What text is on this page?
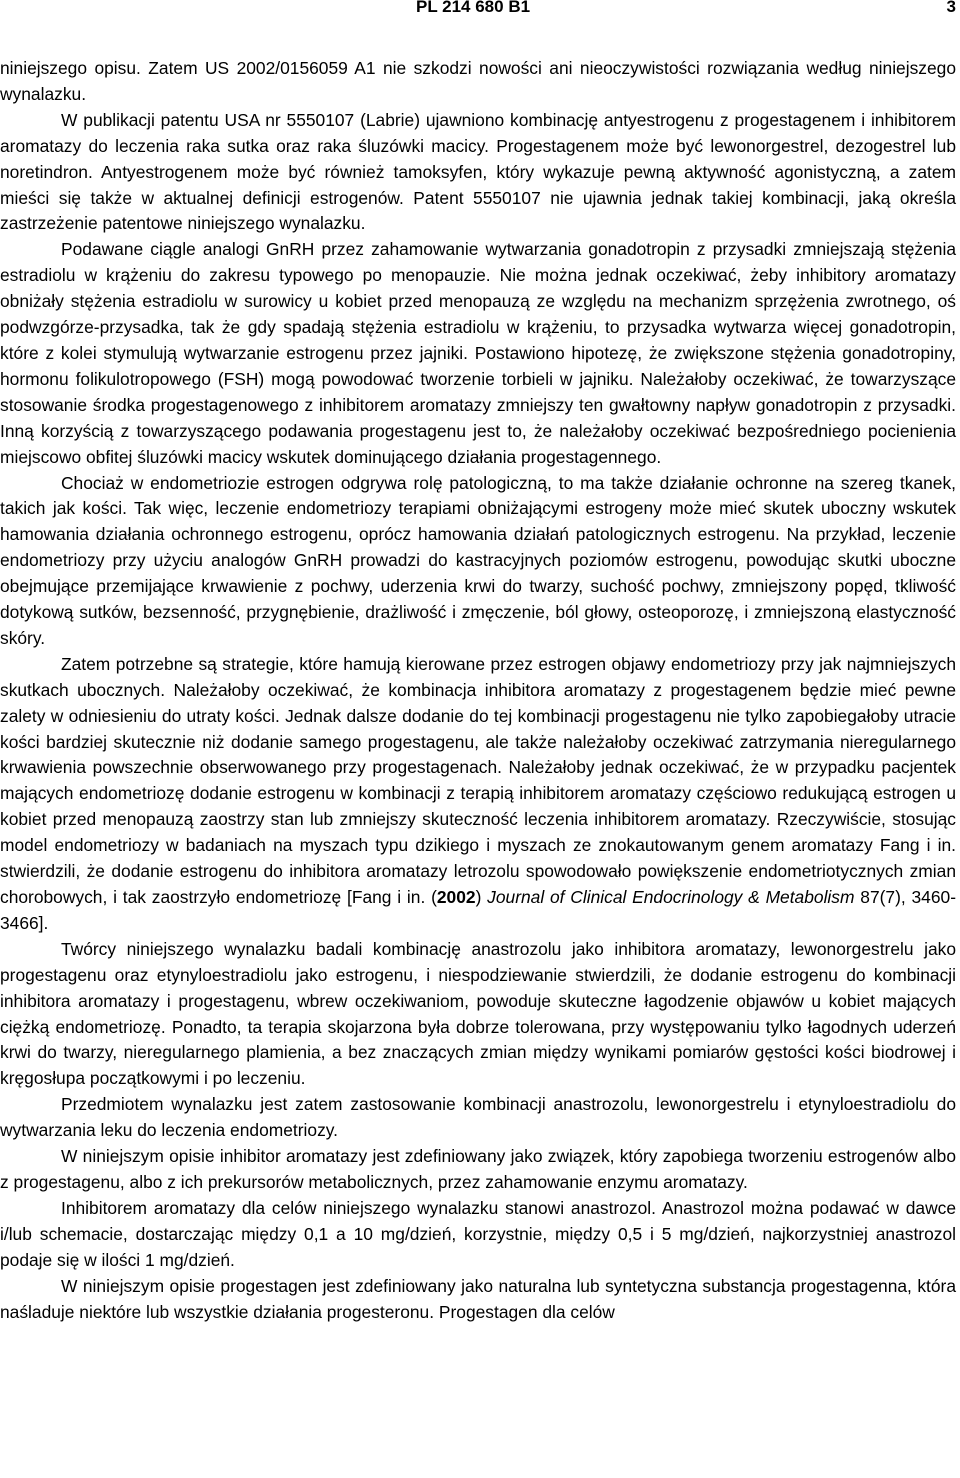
PL 214 680 B1	3

niniejszego opisu. Zatem US 2002/0156059 A1 nie szkodzi nowości ani nieoczywistości rozwiązania według niniejszego wynalazku.

W publikacji patentu USA nr 5550107 (Labrie) ujawniono kombinację antyestrogenu z progestagenem i inhibitorem aromatazy do leczenia raka sutka oraz raka śluzówki macicy. Progestagenem może być lewonorgestrel, dezogestrel lub noretindron. Antyestrogenem może być również tamoksyfen, który wykazuje pewną aktywność agonistyczną, a zatem mieści się także w aktualnej definicji estrogenów. Patent 5550107 nie ujawnia jednak takiej kombinacji, jaką określa zastrzeżenie patentowe niniejszego wynalazku.

Podawane ciągle analogi GnRH przez zahamowanie wytwarzania gonadotropin z przysadki zmniejszają stężenia estradiolu w krążeniu do zakresu typowego po menopauzie. Nie można jednak oczekiwać, żeby inhibitory aromatazy obniżały stężenia estradiolu w surowicy u kobiet przed menopauzą ze względu na mechanizm sprzężenia zwrotnego, oś podwzgórze-przysadka, tak że gdy spadają stężenia estradiolu w krążeniu, to przysadka wytwarza więcej gonadotropin, które z kolei stymulują wytwarzanie estrogenu przez jajniki. Postawiono hipotezę, że zwiększone stężenia gonadotropiny, hormonu folikulotropowego (FSH) mogą powodować tworzenie torbieli w jajniku. Należałoby oczekiwać, że towarzyszące stosowanie środka progestagenowego z inhibitorem aromatazy zmniejszy ten gwałtowny napływ gonadotropin z przysadki. Inną korzyścią z towarzyszącego podawania progestagenu jest to, że należałoby oczekiwać bezpośredniego pocienienia miejscowo obfitej śluzówki macicy wskutek dominującego działania progestagennego.

Chociaż w endometriozie estrogen odgrywa rolę patologiczną, to ma także działanie ochronne na szereg tkanek, takich jak kości. Tak więc, leczenie endometriozy terapiami obniżającymi estrogeny może mieć skutek uboczny wskutek hamowania działania ochronnego estrogenu, oprócz hamowania działań patologicznych estrogenu. Na przykład, leczenie endometriozy przy użyciu analogów GnRH prowadzi do kastracyjnych poziomów estrogenu, powodując skutki uboczne obejmujące przemijające krwawienie z pochwy, uderzenia krwi do twarzy, suchość pochwy, zmniejszony popęd, tkliwość dotykową sutków, bezsenność, przygnębienie, drażliwość i zmęczenie, ból głowy, osteoporozę, i zmniejszoną elastyczność skóry.

Zatem potrzebne są strategie, które hamują kierowane przez estrogen objawy endometriozy przy jak najmniejszych skutkach ubocznych. Należałoby oczekiwać, że kombinacja inhibitora aromatazy z progestagenem będzie mieć pewne zalety w odniesieniu do utraty kości. Jednak dalsze dodanie do tej kombinacji progestagenu nie tylko zapobiegałoby utracie kości bardziej skutecznie niż dodanie samego progestagenu, ale także należałoby oczekiwać zatrzymania nieregularnego krwawienia powszechnie obserwowanego przy progestagenach. Należałoby jednak oczekiwać, że w przypadku pacjentek mających endometriozę dodanie estrogenu w kombinacji z terapią inhibitorem aromatazy częściowo redukującą estrogen u kobiet przed menopauzą zaostrzy stan lub zmniejszy skuteczność leczenia inhibitorem aromatazy. Rzeczywiście, stosując model endometriozy w badaniach na myszach typu dzikiego i myszach ze znokautowanym genem aromatazy Fang i in. stwierdzili, że dodanie estrogenu do inhibitora aromatazy letrozolu spowodowało powiększenie endometriotycznych zmian chorobowych, i tak zaostrzyło endometriozę [Fang i in. (2002) Journal of Clinical Endocrinology & Metabolism 87(7), 3460- 3466].

Twórcy niniejszego wynalazku badali kombinację anastrozolu jako inhibitora aromatazy, lewonorgestrelu jako progestagenu oraz etynyloestradiolu jako estrogenu, i niespodziewanie stwierdzili, że dodanie estrogenu do kombinacji inhibitora aromatazy i progestagenu, wbrew oczekiwaniom, powoduje skuteczne łagodzenie objawów u kobiet mających ciężką endometriozę. Ponadto, ta terapia skojarzona była dobrze tolerowana, przy występowaniu tylko łagodnych uderzeń krwi do twarzy, nieregularnego plamienia, a bez znaczących zmian między wynikami pomiarów gęstości kości biodrowej i kręgosłupa początkowymi i po leczeniu.

Przedmiotem wynalazku jest zatem zastosowanie kombinacji anastrozolu, lewonorgestrelu i etynyloestradiolu do wytwarzania leku do leczenia endometriozy.

W niniejszym opisie inhibitor aromatazy jest zdefiniowany jako związek, który zapobiega tworzeniu estrogenów albo z progestagenu, albo z ich prekursorów metabolicznych, przez zahamowanie enzymu aromatazy.

Inhibitorem aromatazy dla celów niniejszego wynalazku stanowi anastrozol. Anastrozol można podawać w dawce i/lub schemacie, dostarczając między 0,1 a 10 mg/dzień, korzystnie, między 0,5 i 5 mg/dzień, najkorzystniej anastrozol podaje się w ilości 1 mg/dzień.

W niniejszym opisie progestagen jest zdefiniowany jako naturalna lub syntetyczna substancja progestagenna, która naśladuje niektóre lub wszystkie działania progesteronu. Progestagen dla celów
